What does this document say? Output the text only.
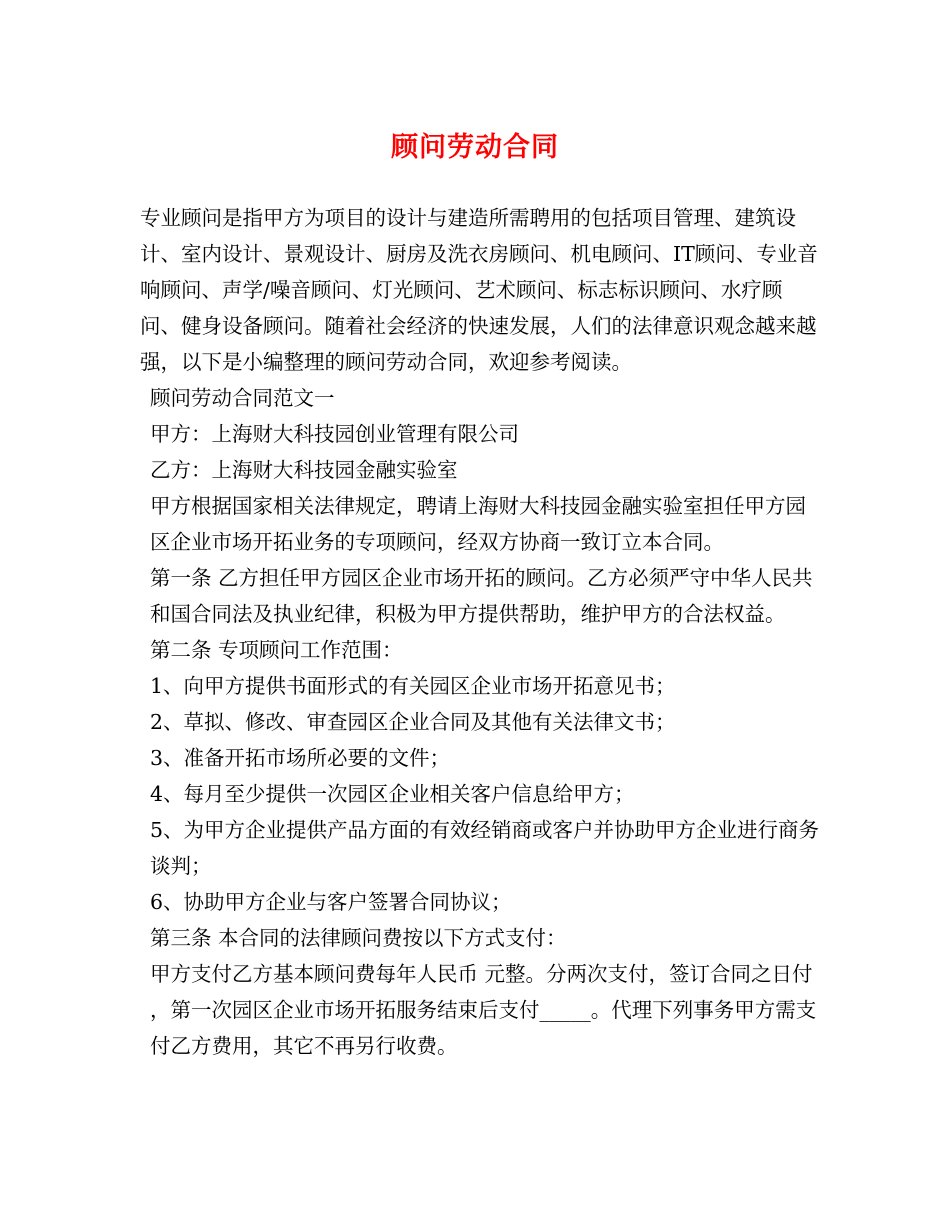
顾问劳动合同

专业顾问是指甲方为项目的设计与建造所需聘用的包括项目管理、建筑设计、室内设计、景观设计、厨房及洗衣房顾问、机电顾问、IT顾问、专业音响顾问、声学/噪音顾问、灯光顾问、艺术顾问、标志标识顾问、水疗顾问、健身设备顾问。随着社会经济的快速发展，人们的法律意识观念越来越强，以下是小编整理的顾问劳动合同，欢迎参考阅读。

顾问劳动合同范文一

甲方：上海财大科技园创业管理有限公司

乙方：上海财大科技园金融实验室

甲方根据国家相关法律规定，聘请上海财大科技园金融实验室担任甲方园区企业市场开拓业务的专项顾问，经双方协商一致订立本合同。

第一条 乙方担任甲方园区企业市场开拓的顾问。乙方必须严守中华人民共和国合同法及执业纪律，积极为甲方提供帮助，维护甲方的合法权益。

第二条 专项顾问工作范围：

1、向甲方提供书面形式的有关园区企业市场开拓意见书；

2、草拟、修改、审查园区企业合同及其他有关法律文书；

3、准备开拓市场所必要的文件；

4、每月至少提供一次园区企业相关客户信息给甲方；

5、为甲方企业提供产品方面的有效经销商或客户并协助甲方企业进行商务谈判；

6、协助甲方企业与客户签署合同协议；

第三条 本合同的法律顾问费按以下方式支付：

甲方支付乙方基本顾问费每年人民币 元整。分两次支付，签订合同之日付 ，第一次园区企业市场开拓服务结束后支付_____。代理下列事务甲方需支付乙方费用，其它不再另行收费。
